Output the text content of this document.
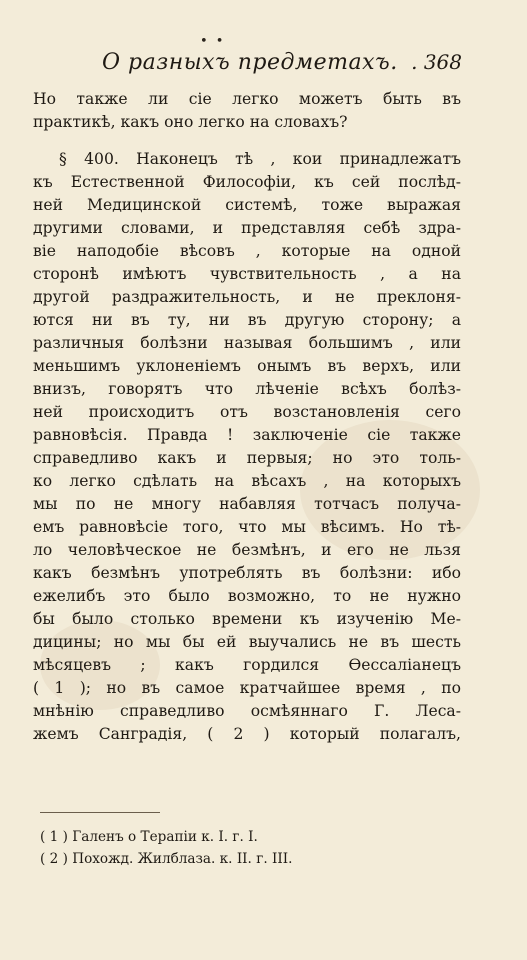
• •
О разныхъ предметахъ. . 368
Но также ли сіе легко можетъ быть въ
практикѣ, какъ оно легко на словахъ?
§ 400. Наконецъ тѣ , кои принадлежатъ
къ Естественной Философіи, къ сей послѣд-
ней Медицинской системѣ, тоже выражая
другими словами, и представляя себѣ здра-
віе наподобіе вѣсовъ , которые на одной
сторонѣ имѣютъ чувствительность , а на
другой раздражительность, и не преклоня-
ются ни въ ту, ни въ другую сторону; а
различныя болѣзни называя большимъ , или
меньшимъ уклоненіемъ онымъ въ верхъ, или
внизъ, говорятъ что лѣченіе всѣхъ болѣз-
ней происходитъ отъ возстановленія сего
равновѣсія. Правда ! заключеніе сіе также
справедливо какъ и первыя; но это толь-
ко легко сдѣлать на вѣсахъ , на которыхъ
мы по не многу набавляя тотчасъ получа-
емъ равновѣсіе того, что мы вѣсимъ. Но тѣ-
ло человѣческое не безмѣнъ, и его не льзя
какъ безмѣнъ употреблять въ болѣзни: ибо
ежелибъ это было возможно, то не нужно
бы было столько времени къ изученію Ме-
дицины; но мы бы ей выучались не въ шесть
мѣсяцевъ ; какъ гордился Өессаліанецъ
( 1 ); но въ самое кратчайшее время , по
мнѣнію справедливо осмѣяннаго Г. Леса-
жемъ Санградія, ( 2 ) который полагалъ,
( 1 ) Галенъ о Терапіи к. I. г. I.
( 2 ) Похожд. Жилблаза. к. II. г. III.
